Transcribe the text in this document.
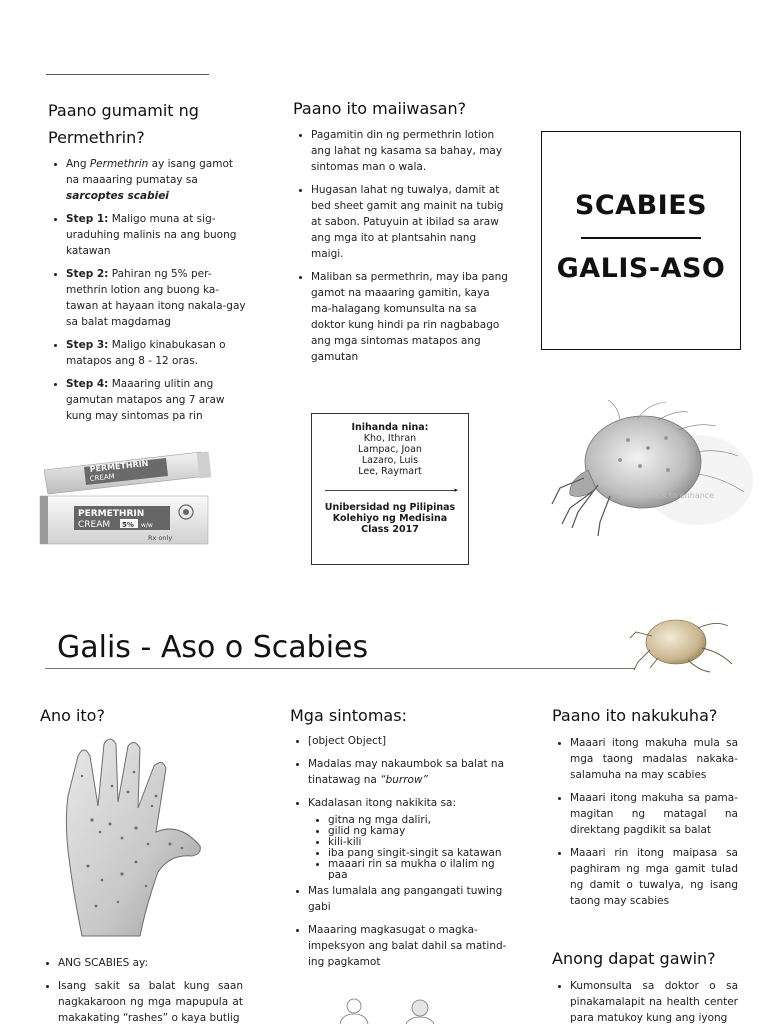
Paano gumamit ng Permethrin?
• Ang Permethrin ay isang gamot na maaaring pumatay sa sarcoptes scabiei
• Step 1: Maligo muna at sig-uraduhing malinis na ang buong katawan
• Step 2: Pahiran ng 5% per-methrin lotion ang buong ka-tawan at hayaan itong nakala-gay sa balat magdamag
• Step 3: Maligo kinabukasan o matapos ang 8 - 12 oras.
• Step 4: Maaaring ulitin ang gamutan matapos ang 7 araw kung may sintomas pa rin
PERMETHRIN
CREAM
PERMETHRIN
CREAM 5% w/w
Rx only
Paano ito maiiwasan?
• Pagamitin din ng permethrin lotion ang lahat ng kasama sa bahay, may sintomas man o wala.
• Hugasan lahat ng tuwalya, damit at bed sheet gamit ang mainit na tubig at sabon. Patuyuin at ibilad sa araw ang mga ito at plantsahin nang maigi.
• Maliban sa permethrin, may iba pang gamot na maaaring gamitin, kaya ma-halagang komunsulta na sa doktor kung hindi pa rin nagbabago ang mga sintomas matapos ang gamutan
Inihanda nina:
Kho, Ithran
Lampac, Joan
Lazaro, Luis
Lee, Raymart
▸
Unibersidad ng Pilipinas
Kolehiyo ng Medisina
Class 2017
SCABIES
GALIS-ASO
please click to enhance
Galis - Aso o Scabies
Ano ito?
• ANG SCABIES ay:
• Isang sakit sa balat kung saan nagkakaroon ng mga mapupula at makakating “rashes” o kaya butlig
Mga sintomas:
• [object Object]
• Madalas may nakaumbok sa balat na tinatawag na “burrow”
• Kadalasan itong nakikita sa:
• gitna ng mga daliri,
• gilid ng kamay
• kili-kili
• iba pang singit-singit sa katawan
• maaari rin sa mukha o ilalim ng paa
• Mas lumalala ang pangangati tuwing gabi
• Maaaring magkasugat o magka-impeksyon ang balat dahil sa matind-ing pagkamot
Paano ito nakukuha?
• Maaari itong makuha mula sa mga taong madalas nakaka-salamuha na may scabies
• Maaari itong makuha sa pama-magitan ng matagal na direktang pagdikit sa balat
• Maaari rin itong maipasa sa paghiram ng mga gamit tulad ng damit o tuwalya, ng isang taong may scabies
Anong dapat gawin?
• Kumonsulta sa doktor o sa pinakamalapit na health center para matukoy kung ang iyong
